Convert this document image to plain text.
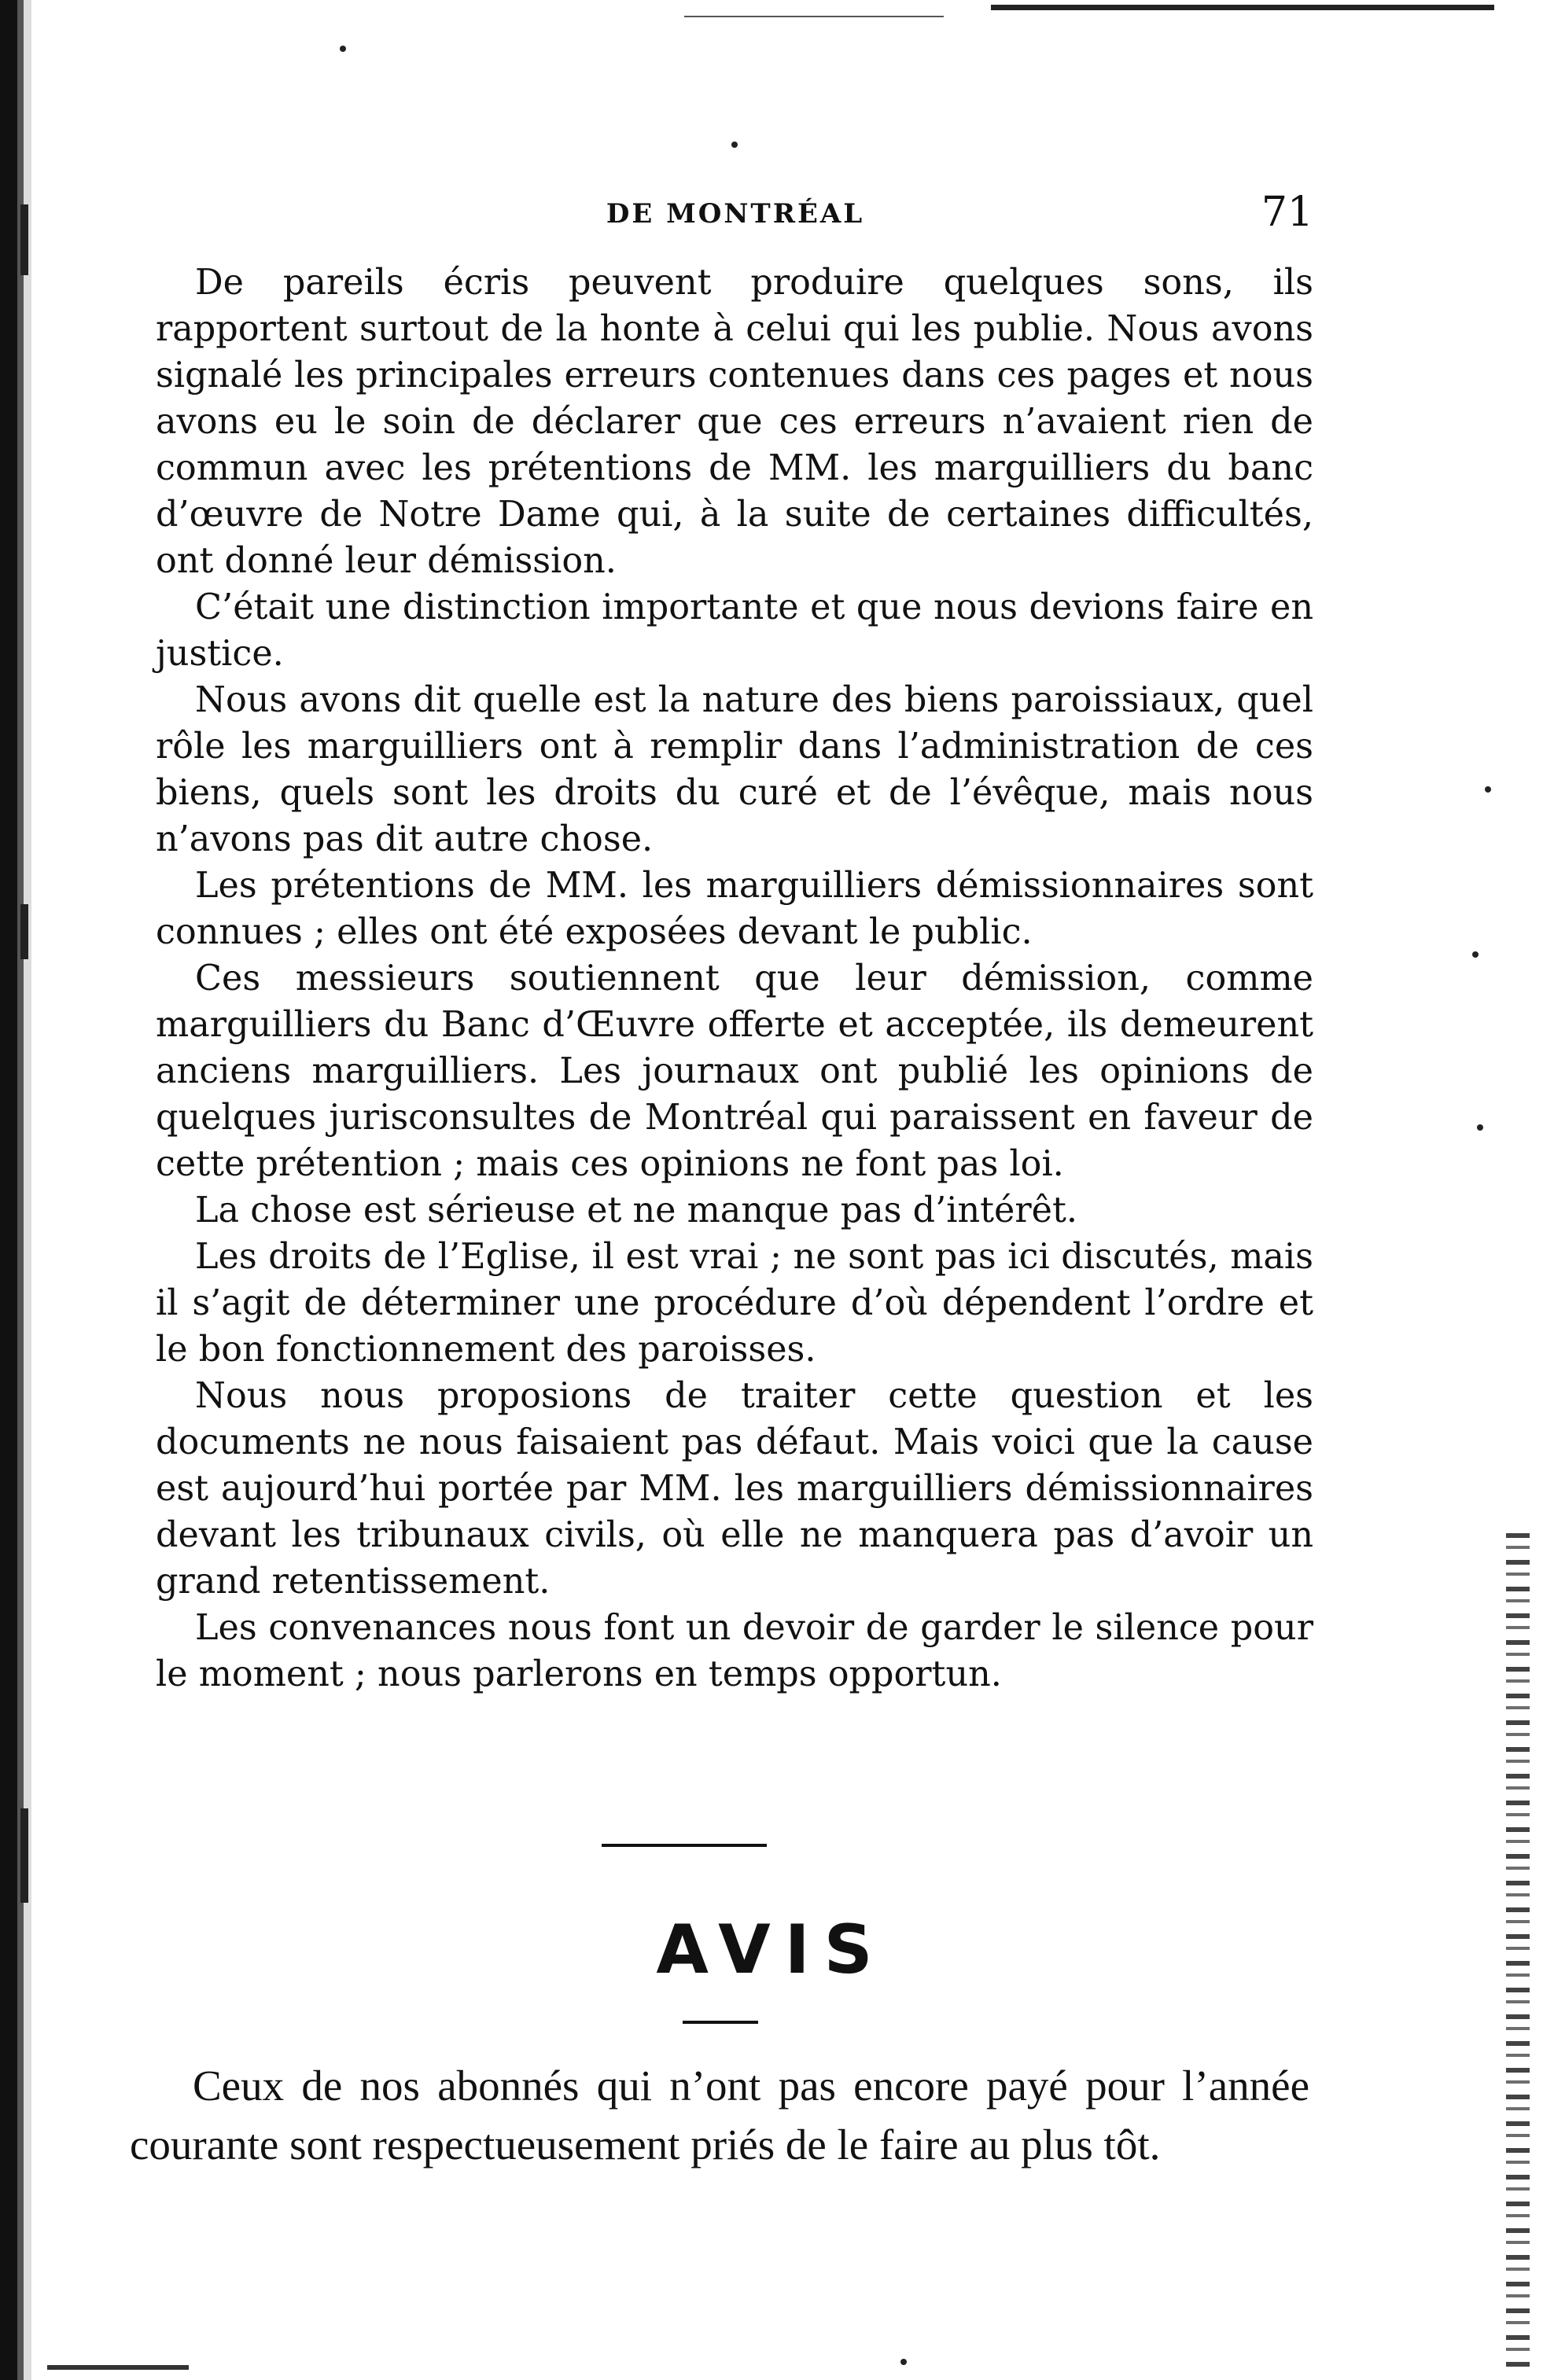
DE MONTRÉAL	71

De pareils écris peuvent produire quelques sons, ils rapportent surtout de la honte à celui qui les publie. Nous avons signalé les principales erreurs contenues dans ces pages et nous avons eu le soin de déclarer que ces erreurs n’avaient rien de commun avec les prétentions de MM. les marguilliers du banc d’œuvre de Notre Dame qui, à la suite de certaines difficultés, ont donné leur démission.

C’était une distinction importante et que nous devions faire en justice.

Nous avons dit quelle est la nature des biens paroissiaux, quel rôle les marguilliers ont à remplir dans l’administration de ces biens, quels sont les droits du curé et de l’évêque, mais nous n’avons pas dit autre chose.

Les prétentions de MM. les marguilliers démissionnaires sont connues ; elles ont été exposées devant le public.

Ces messieurs soutiennent que leur démission, comme marguilliers du Banc d’Œuvre offerte et acceptée, ils demeurent anciens marguilliers. Les journaux ont publié les opinions de quelques jurisconsultes de Montréal qui paraissent en faveur de cette prétention ; mais ces opinions ne font pas loi.

La chose est sérieuse et ne manque pas d’intérêt.

Les droits de l’Eglise, il est vrai ; ne sont pas ici discutés, mais il s’agit de déterminer une procédure d’où dépendent l’ordre et le bon fonctionnement des paroisses.

Nous nous proposions de traiter cette question et les documents ne nous faisaient pas défaut. Mais voici que la cause est aujourd’hui portée par MM. les marguilliers démissionnaires devant les tribunaux civils, où elle ne manquera pas d’avoir un grand retentissement.

Les convenances nous font un devoir de garder le silence pour le moment ; nous parlerons en temps opportun.

AVIS

Ceux de nos abonnés qui n’ont pas encore payé pour l’année courante sont respectueusement priés de le faire au plus tôt.
